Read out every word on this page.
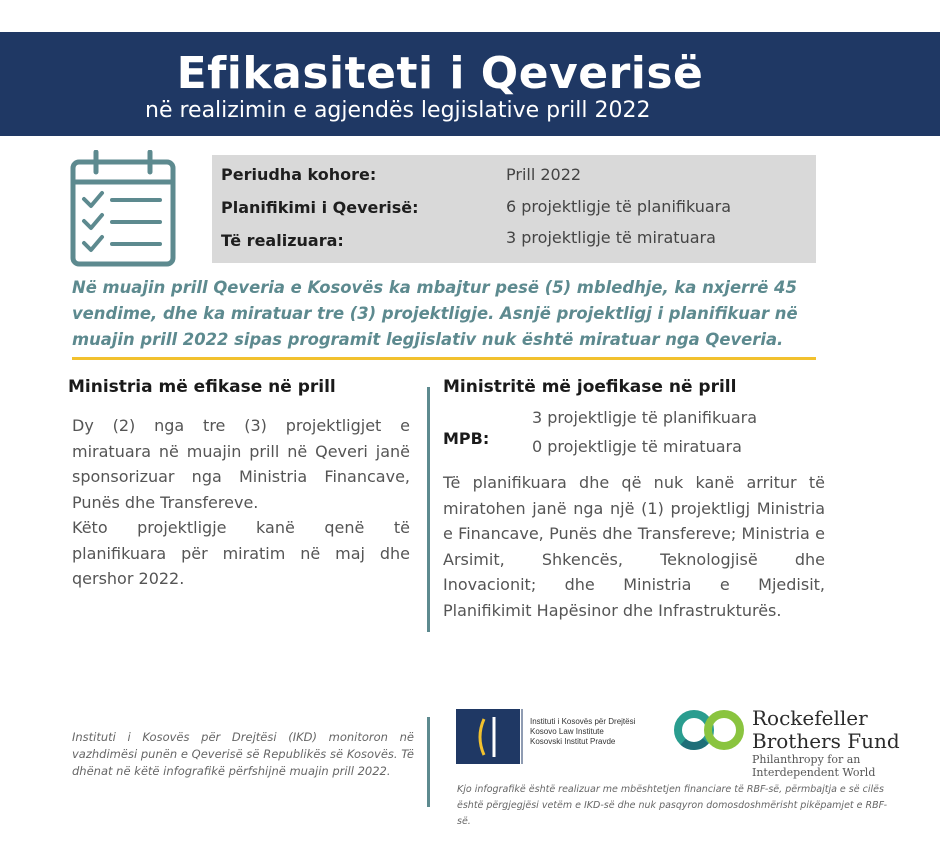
Efikasiteti i Qeverisë
në realizimin e agjendës legjislative prill 2022
Periudha kohore:	Prill 2022
Planifikimi i Qeverisë:	6 projektligje të planifikuara
Të realizuara:	3 projektligje të miratuara
Në muajin prill Qeveria e Kosovës ka mbajtur pesë (5) mbledhje, ka nxjerrë 45
vendime, dhe ka miratuar tre (3) projektligje. Asnjë projektligj i planifikuar në
muajin prill 2022 sipas programit legjislativ nuk është miratuar nga Qeveria.
Ministria më efikase në prill
Dy (2) nga tre (3) projektligjet e miratuara në muajin prill në Qeveri janë sponsorizuar nga Ministria Financave, Punës dhe Transfereve.
Këto projektligje kanë qenë të planifikuara për miratim në maj dhe qershor 2022.
Ministritë më joefikase në prill
MPB:
3 projektligje të planifikuara
0 projektligje të miratuara
Të planifikuara dhe që nuk kanë arritur të miratohen janë nga një (1) projektligj Ministria e Financave, Punës dhe Transfereve; Ministria e Arsimit, Shkencës, Teknologjisë dhe Inovacionit; dhe Ministria e Mjedisit, Planifikimit Hapësinor dhe Infrastrukturës.
Instituti i Kosovës për Drejtësi (IKD) monitoron në vazhdimësi punën e Qeverisë së Republikës së Kosovës. Të dhënat në këtë infografikë përfshijnë muajin prill 2022.
Instituti i Kosovës për Drejtësi
Kosovo Law Institute
Kosovski Institut Pravde
Rockefeller
Brothers Fund
Philanthropy for an Interdependent World
Kjo infografikë është realizuar me mbështetjen financiare të RBF-së, përmbajtja e së cilës është përgjegjësi vetëm e IKD-së dhe nuk pasqyron domosdoshmërisht pikëpamjet e RBF-së.
